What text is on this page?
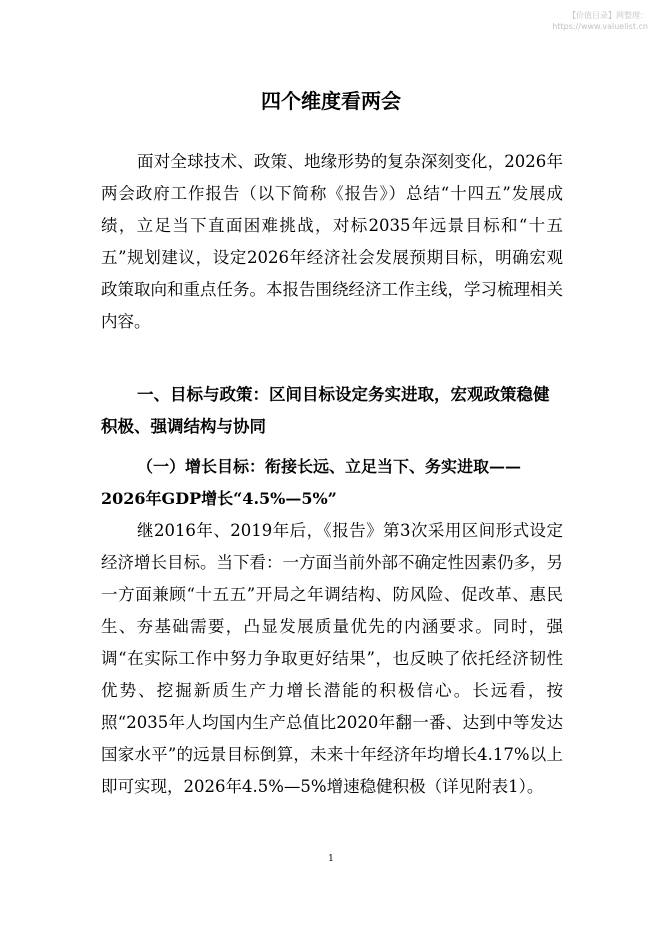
【价值目录】网整理：
https://www.valuelist.cn
四个维度看两会

面对全球技术、政策、地缘形势的复杂深刻变化，2026年两会政府工作报告（以下简称《报告》）总结“十四五”发展成绩，立足当下直面困难挑战，对标2035年远景目标和“十五五”规划建议，设定2026年经济社会发展预期目标，明确宏观政策取向和重点任务。本报告围绕经济工作主线，学习梳理相关内容。

一、目标与政策：区间目标设定务实进取，宏观政策稳健积极、强调结构与协同

（一）增长目标：衔接长远、立足当下、务实进取——2026年GDP增长“4.5%—5%”

继2016年、2019年后，《报告》第3次采用区间形式设定经济增长目标。当下看：一方面当前外部不确定性因素仍多，另一方面兼顾“十五五”开局之年调结构、防风险、促改革、惠民生、夯基础需要，凸显发展质量优先的内涵要求。同时，强调“在实际工作中努力争取更好结果”，也反映了依托经济韧性优势、挖掘新质生产力增长潜能的积极信心。长远看，按照“2035年人均国内生产总值比2020年翻一番、达到中等发达国家水平”的远景目标倒算，未来十年经济年均增长4.17%以上即可实现，2026年4.5%—5%增速稳健积极（详见附表1）。

1
